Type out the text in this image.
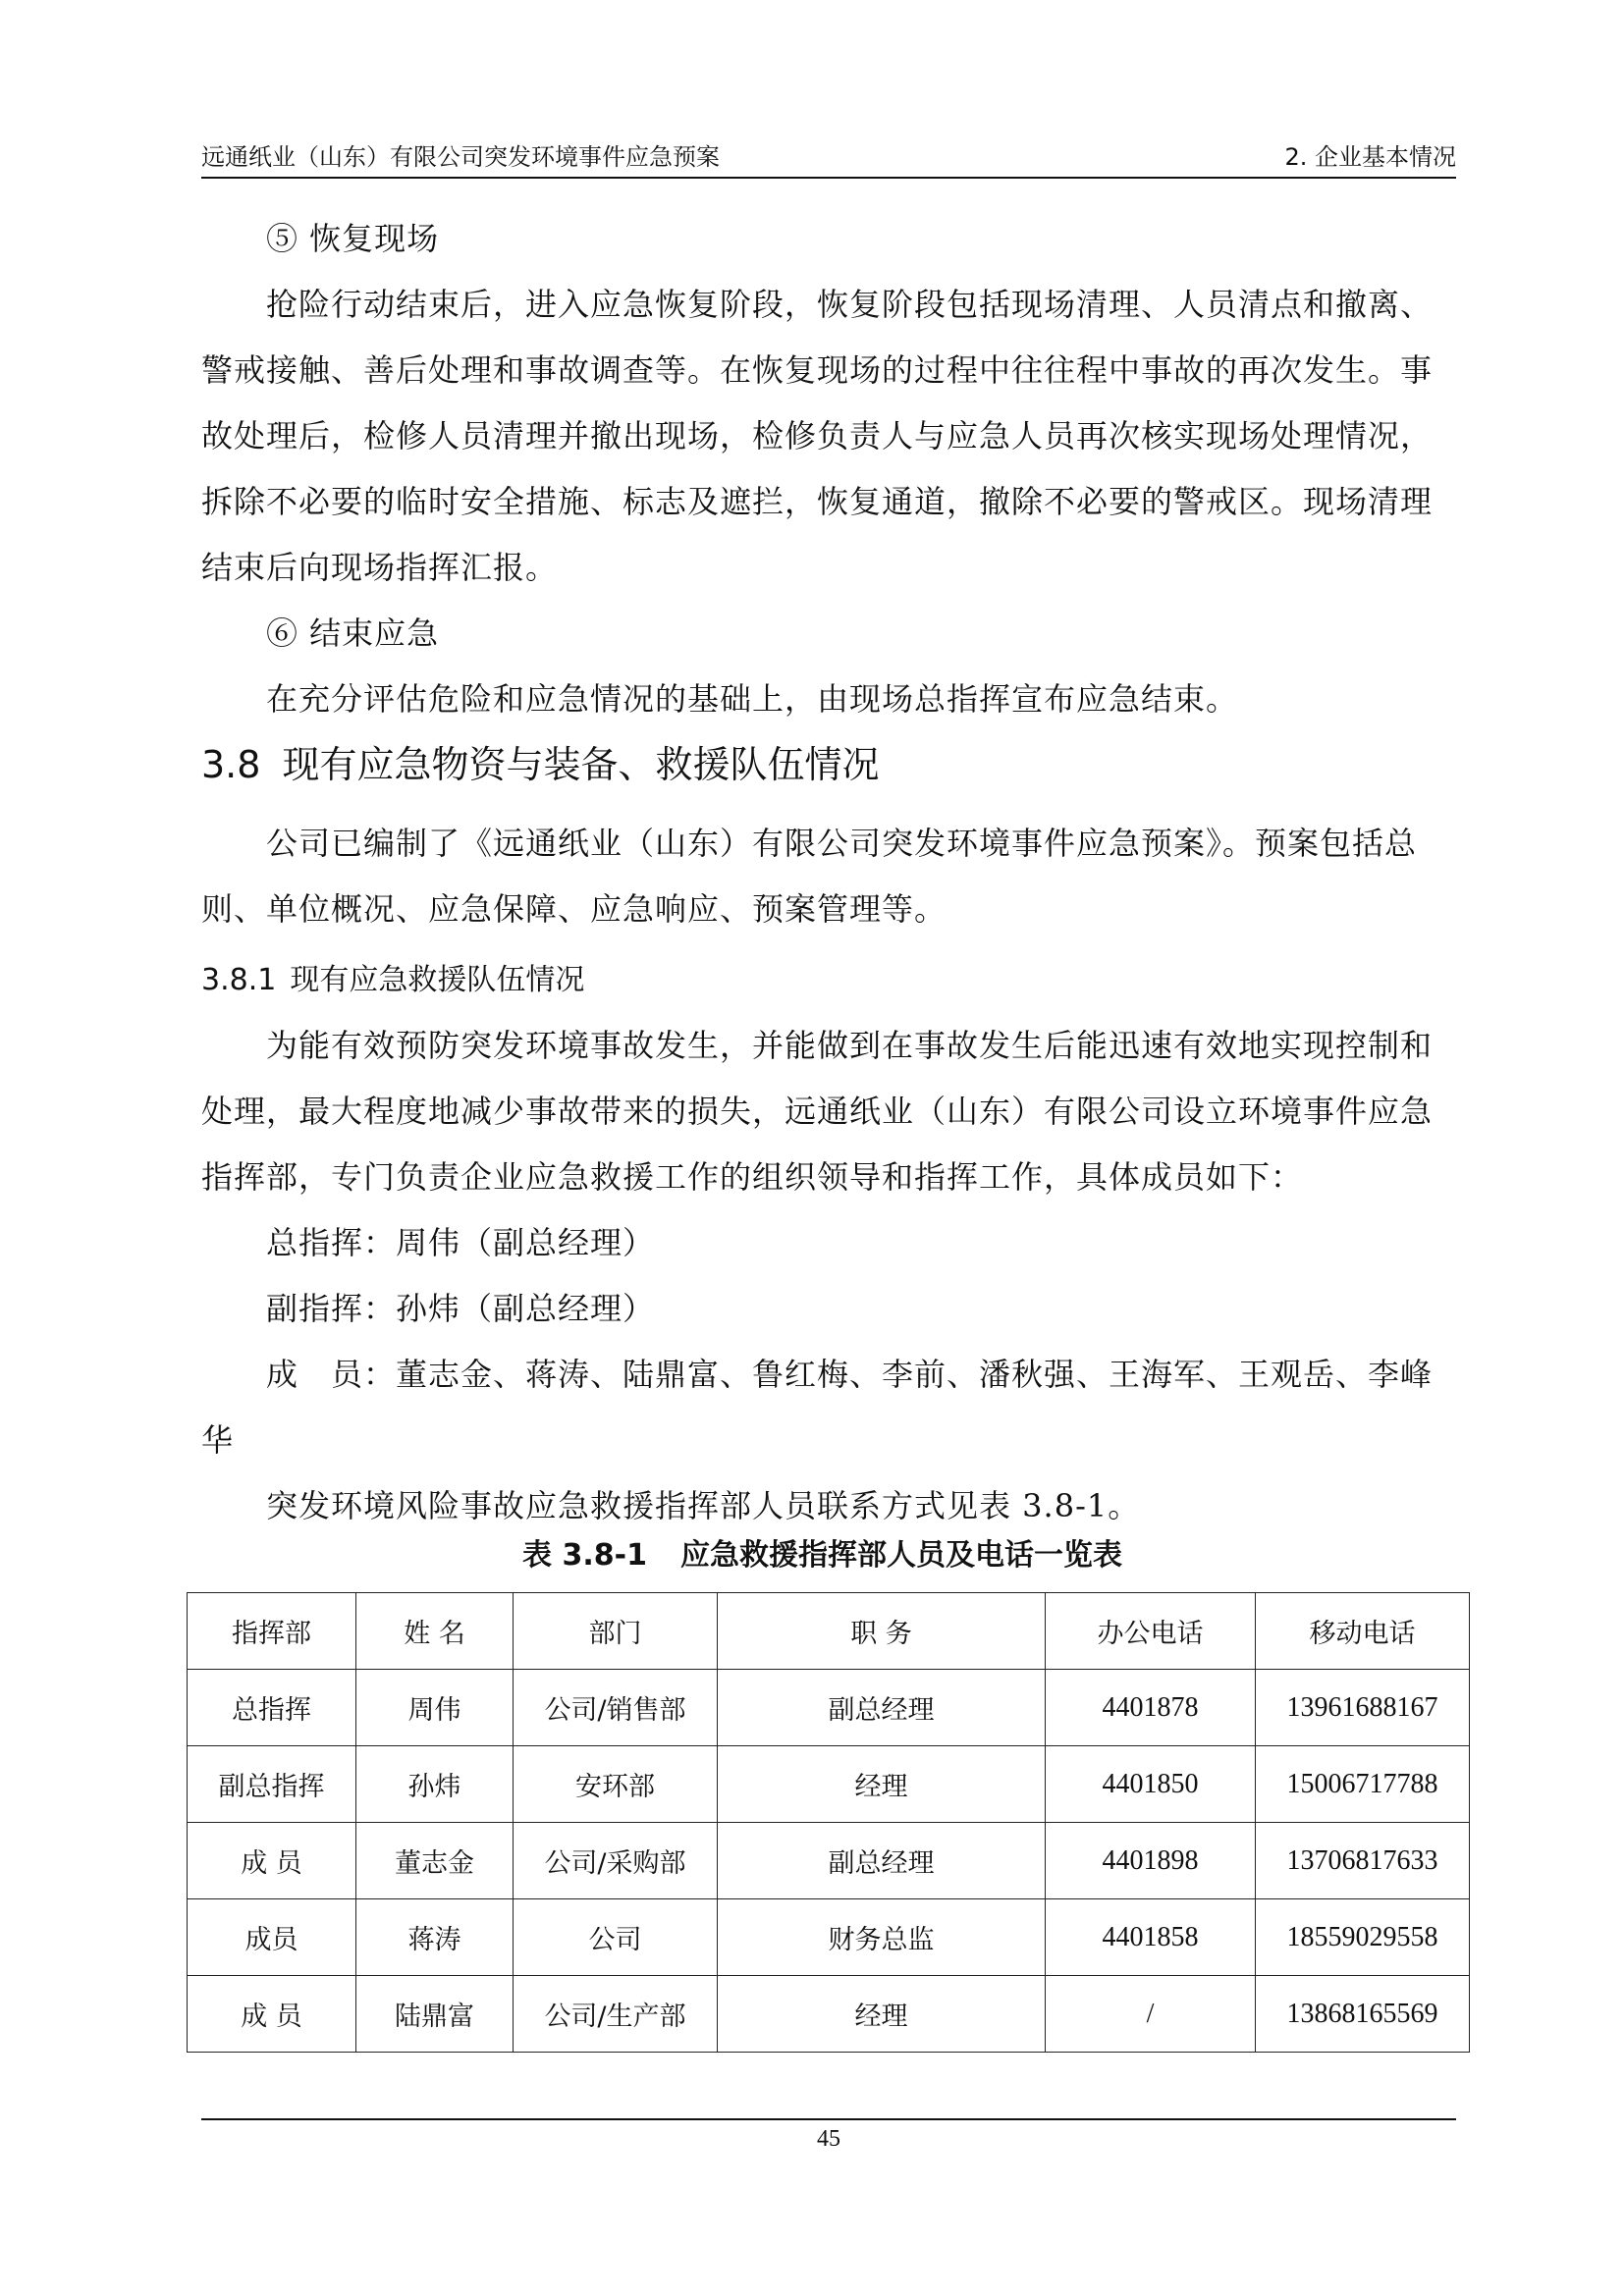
远通纸业（山东）有限公司突发环境事件应急预案	2. 企业基本情况

⑤ 恢复现场

抢险行动结束后，进入应急恢复阶段，恢复阶段包括现场清理、人员清点和撤离、警戒接触、善后处理和事故调查等。在恢复现场的过程中往往程中事故的再次发生。事故处理后，检修人员清理并撤出现场，检修负责人与应急人员再次核实现场处理情况，拆除不必要的临时安全措施、标志及遮拦，恢复通道，撤除不必要的警戒区。现场清理结束后向现场指挥汇报。

⑥ 结束应急

在充分评估危险和应急情况的基础上，由现场总指挥宣布应急结束。

3.8 现有应急物资与装备、救援队伍情况

公司已编制了《远通纸业（山东）有限公司突发环境事件应急预案》。预案包括总则、单位概况、应急保障、应急响应、预案管理等。

3.8.1 现有应急救援队伍情况

为能有效预防突发环境事故发生，并能做到在事故发生后能迅速有效地实现控制和处理，最大程度地减少事故带来的损失，远通纸业（山东）有限公司设立环境事件应急指挥部，专门负责企业应急救援工作的组织领导和指挥工作，具体成员如下：

总指挥：周伟（副总经理）

副指挥：孙炜（副总经理）

成　员：董志金、蒋涛、陆鼎富、鲁红梅、李前、潘秋强、王海军、王观岳、李峰华

突发环境风险事故应急救援指挥部人员联系方式见表 3.8-1。

表 3.8-1 应急救援指挥部人员及电话一览表
指挥部	姓 名	部门	职 务	办公电话	移动电话
总指挥	周伟	公司/销售部	副总经理	4401878	13961688167
副总指挥	孙炜	安环部	经理	4401850	15006717788
成 员	董志金	公司/采购部	副总经理	4401898	13706817633
成员	蒋涛	公司	财务总监	4401858	18559029558
成 员	陆鼎富	公司/生产部	经理	/	13868165569
45
